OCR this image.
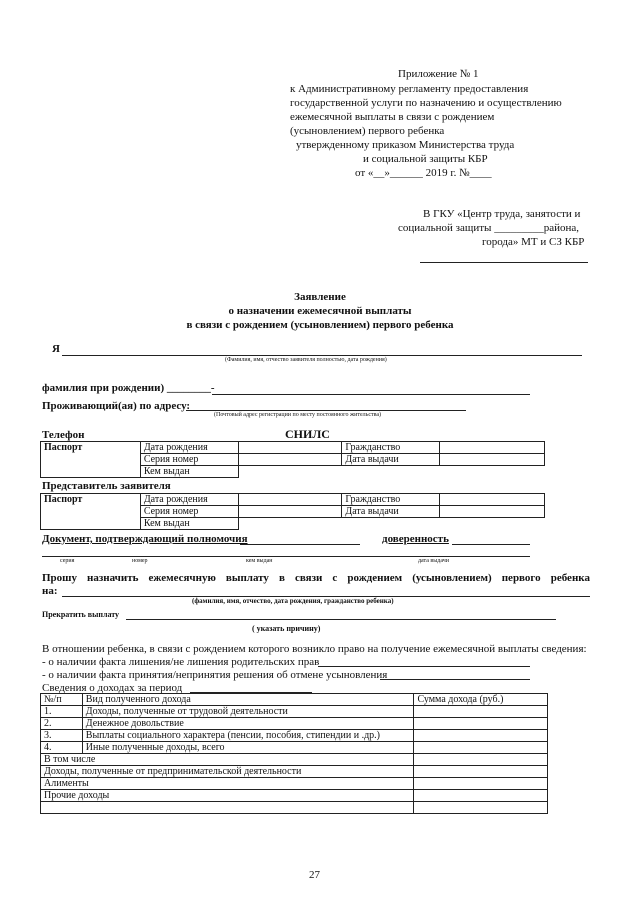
Приложение № 1
к Административному регламенту предоставления
государственной услуги по назначению и осуществлению
ежемесячной выплаты в связи с рождением
(усыновлением) первого ребенка
утвержденному приказом Министерства труда
и социальной защиты КБР
от «__»______ 2019 г. №____
В ГКУ «Центр труда, занятости и
социальной защиты _________района,
города» МТ и СЗ КБР
Заявление
о назначении ежемесячной выплаты
в связи с рождением (усыновлением) первого ребенка
Я
(Фамилия, имя, отчество заявителя полностью, дата рождения)
фамилия при рождении) ________-
Проживающий(ая) по адресу:
(Почтовый адрес регистрации по месту постоянного жительства)
Телефон	СНИЛС
Паспорт	Дата рождения		Гражданство	
	Серия номер		Дата выдачи	
	Кем выдан			
Представитель заявителя
Паспорт	Дата рождения		Гражданство	
	Серия номер		Дата выдачи	
	Кем выдан			
Документ, подтверждающий полномочия	доверенность
серия	номер	кем выдан	дата выдачи
Прошу назначить ежемесячную выплату в связи с рождением (усыновлением) первого ребенка
на:
(фамилия, имя, отчество, дата рождения, гражданство ребенка)
Прекратить выплату
( указать причину)
В отношении ребенка, в связи с рождением которого возникло право на получение ежемесячной выплаты сведения:
- о наличии факта лишения/не лишения родительских прав
- о наличии факта принятия/непринятия решения об отмене усыновления
Сведения о доходах за период
№/п	Вид полученного дохода	Сумма дохода (руб.)
1.	Доходы, полученные от трудовой деятельности	
2.	Денежное довольствие	
3.	Выплаты социального характера (пенсии, пособия, стипендии и .др.)	
4.	Иные полученные доходы, всего	
В том числе		
Доходы, полученные от предпринимательской деятельности		
Алименты		
Прочие доходы		

27
